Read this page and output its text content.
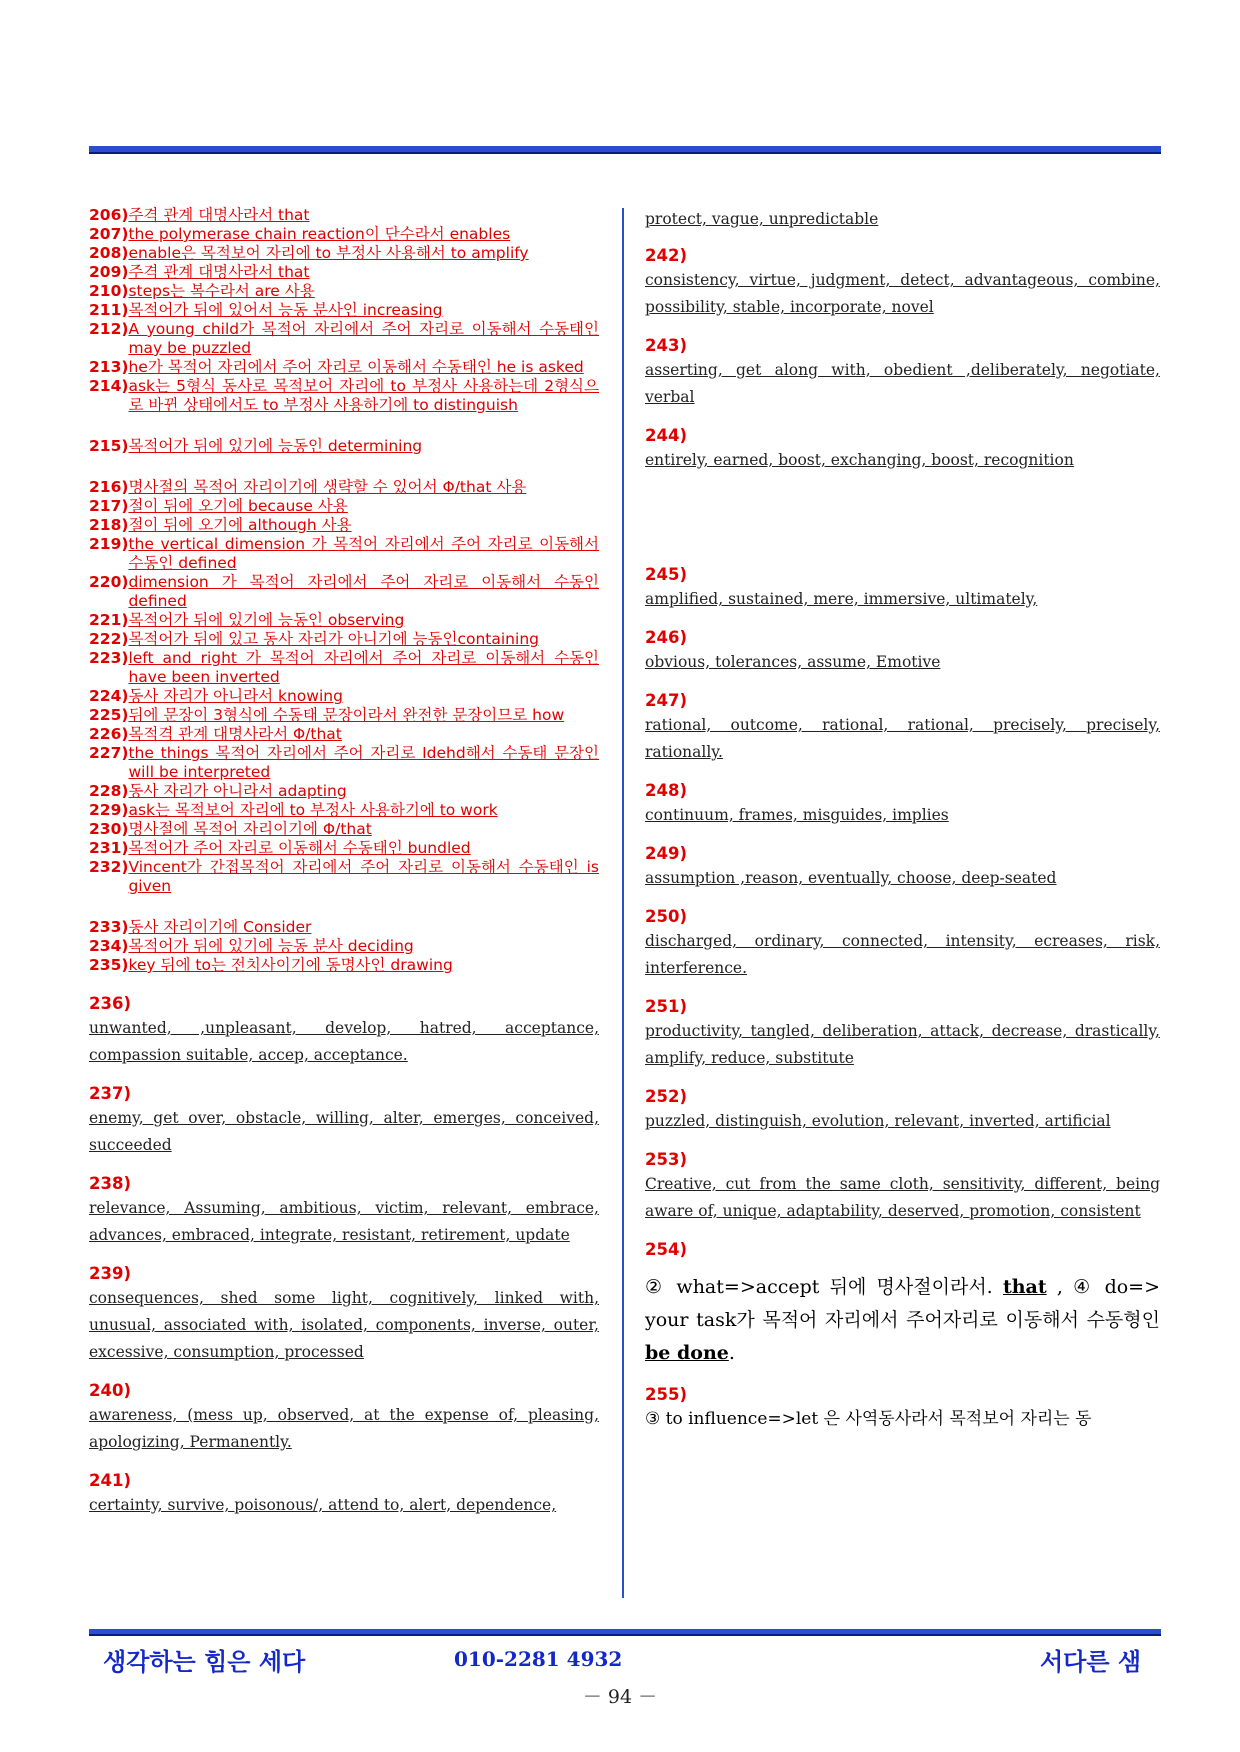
206) 주격 관계 대명사라서 that
207) the polymerase chain reaction이 단수라서 enables
208) enable은 목적보어 자리에 to 부정사 사용해서 to amplify
209) 주격 관계 대명사라서 that
210) steps는 복수라서 are 사용
211) 목적어가 뒤에 있어서 능동 분사인 increasing
212) A young child가 목적어 자리에서 주어 자리로 이동해서 수동태인 may be puzzled
213) he가 목적어 자리에서 주어 자리로 이동해서 수동태인 he is asked
214) ask는 5형식 동사로 목적보어 자리에 to 부정사 사용하는데 2형식으로 바뀐 상태에서도 to 부정사 사용하기에 to distinguish
215) 목적어가 뒤에 있기에 능동인 determining
216) 명사절의 목적어 자리이기에 생략할 수 있어서 Φ/that 사용
217) 절이 뒤에 오기에 because 사용
218) 절이 뒤에 오기에 although 사용
219) the vertical dimension 가 목적어 자리에서 주어 자리로 이동해서 수동인 defined
220) dimension 가 목적어 자리에서 주어 자리로 이동해서 수동인 defined
221) 목적어가 뒤에 있기에 능동인 observing
222) 목적어가 뒤에 있고 동사 자리가 아니기에 능동인containing
223) left and right 가 목적어 자리에서 주어 자리로 이동해서 수동인 have been inverted
224) 동사 자리가 아니라서 knowing
225) 뒤에 문장이 3형식에 수동태 문장이라서 완전한 문장이므로 how
226) 목적격 관계 대명사라서 Φ/that
227) the things 목적어 자리에서 주어 자리로 Idehd해서 수동태 문장인 will be interpreted
228) 동사 자리가 아니라서 adapting
229) ask는 목적보어 자리에 to 부정사 사용하기에 to work
230) 명사절에 목적어 자리이기에 Φ/that
231) 목적어가 주어 자리로 이동해서 수동태인 bundled
232) Vincent가 간접목적어 자리에서 주어 자리로 이동해서 수동태인 is given
233) 동사 자리이기에 Consider
234) 목적어가 뒤에 있기에 능동 분사 deciding
235) key 뒤에 to는 전치사이기에 동명사인 drawing
236)
unwanted, ,unpleasant, develop, hatred, acceptance, compassion suitable, accep, acceptance.
237)
enemy, get over, obstacle, willing, alter, emerges, conceived, succeeded
238)
relevance, Assuming, ambitious, victim, relevant, embrace, advances, embraced, integrate, resistant, retirement, update
239)
consequences, shed some light, cognitively, linked with, unusual, associated with, isolated, components, inverse, outer, excessive, consumption, processed
240)
awareness, (mess up, observed, at the expense of, pleasing, apologizing, Permanently.
241)
certainty, survive, poisonous/, attend to, alert, dependence,
protect, vague, unpredictable
242)
consistency, virtue, judgment, detect, advantageous, combine, possibility, stable, incorporate, novel
243)
asserting, get along with, obedient ,deliberately, negotiate, verbal
244)
entirely, earned, boost, exchanging, boost, recognition
245)
amplified, sustained, mere, immersive, ultimately,
246)
obvious, tolerances, assume, Emotive
247)
rational, outcome, rational, rational, precisely, precisely, rationally.
248)
continuum, frames, misguides, implies
249)
assumption ,reason, eventually, choose, deep-seated
250)
discharged, ordinary, connected, intensity, ecreases, risk, interference.
251)
productivity, tangled, deliberation, attack, decrease, drastically, amplify, reduce, substitute
252)
puzzled, distinguish, evolution, relevant, inverted, artificial
253)
Creative, cut from the same cloth, sensitivity, different, being aware of, unique, adaptability, deserved, promotion, consistent
254)
② what=>accept 뒤에 명사절이라서. that , ④ do=> your task가 목적어 자리에서 주어자리로 이동해서 수동형인 be done.
255)
③ to influence=>let 은 사역동사라서 목적보어 자리는 동
생각하는 힘은 세다	010-2281 4932	서다른 샘
－ 94 －
